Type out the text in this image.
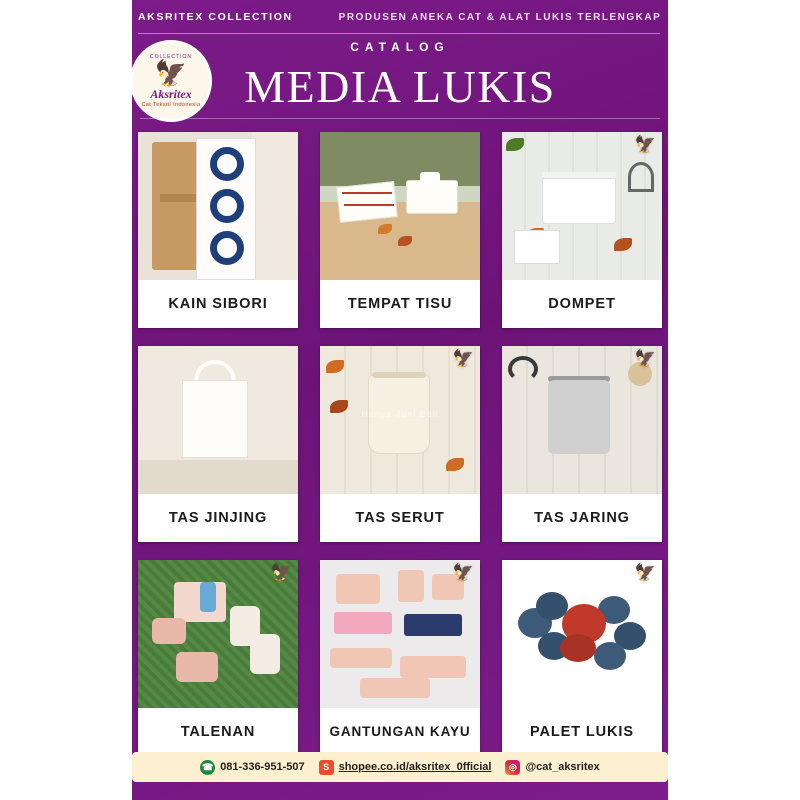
AKSRITEX COLLECTION	PRODUSEN ANEKA CAT & ALAT LUKIS TERLENGKAP
COLLECTION
🦅
Aksritex
Cat Tekstil Indonesia
CATALOG
MEDIA LUKIS
KAIN SIBORI	TEMPAT TISU
🦅
DOMPET
TAS JINJING
🦅
Hanya Jual Beli
TAS SERUT
🦅
TAS JARING
🦅
TALENAN
🦅
GANTUNGAN KAYU
🦅
PALET LUKIS
☎ 081-336-951-507	S shopee.co.id/aksritex_0fficial	◎ @cat_aksritex
